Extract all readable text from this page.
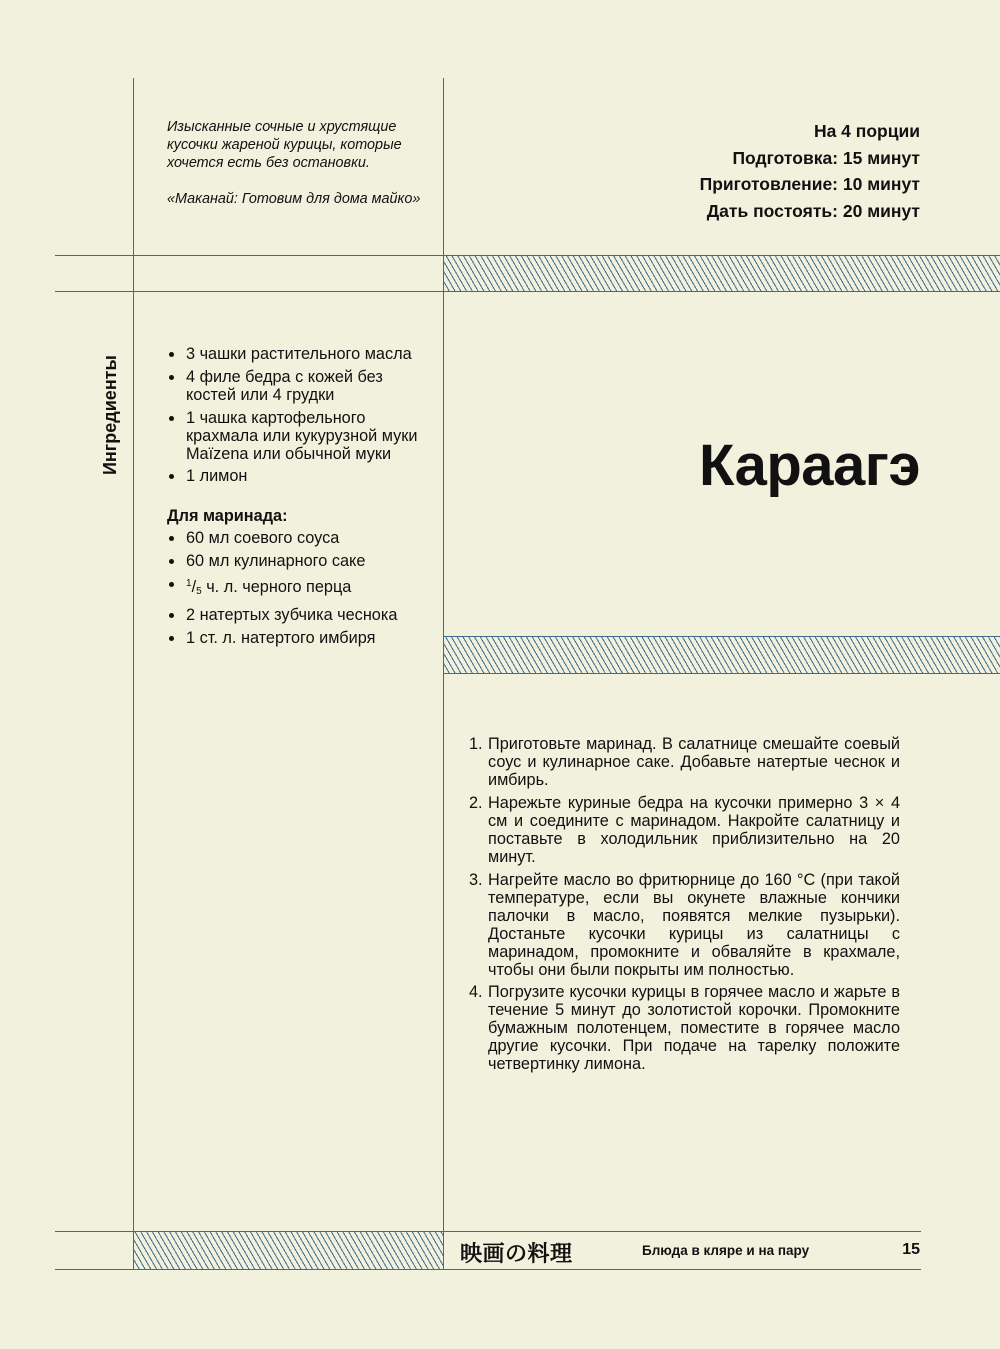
Изысканные сочные и хрустящие кусочки жареной курицы, которые хочется есть без остановки.

«Маканай: Готовим для дома майко»

На 4 порции
Подготовка: 15 минут
Приготовление: 10 минут
Дать постоять: 20 минут
Ингредиенты
3 чашки растительного масла
4 филе бедра с кожей без костей или 4 грудки
1 чашка картофельного крахмала или кукурузной муки Maïzena или обычной муки
1 лимон
Для маринада:
60 мл соевого соуса
60 мл кулинарного саке
$^1/_5$ ч. л. черного перца
2 натертых зубчика чеснока
1 ст. л. натертого имбиря
Караагэ
1. Приготовьте маринад. В салатнице смешайте соевый соус и кулинарное саке. Добавьте натертые чеснок и имбирь.
2. Нарежьте куриные бедра на кусочки примерно 3 × 4 см и соедините с маринадом. Накройте салатницу и поставьте в холодильник приблизительно на 20 минут.
3. Нагрейте масло во фритюрнице до 160 °С (при такой температуре, если вы окунете влажные кончики палочки в масло, появятся мелкие пузырьки). Достаньте кусочки курицы из салатницы с маринадом, промокните и обваляйте в крахмале, чтобы они были покрыты им полностью.
4. Погрузите кусочки курицы в горячее масло и жарьте в течение 5 минут до золотистой корочки. Промокните бумажным полотенцем, поместите в горячее масло другие кусочки. При подаче на тарелку положите четвертинку лимона.
映画の料理	Блюда в кляре и на пару	15
